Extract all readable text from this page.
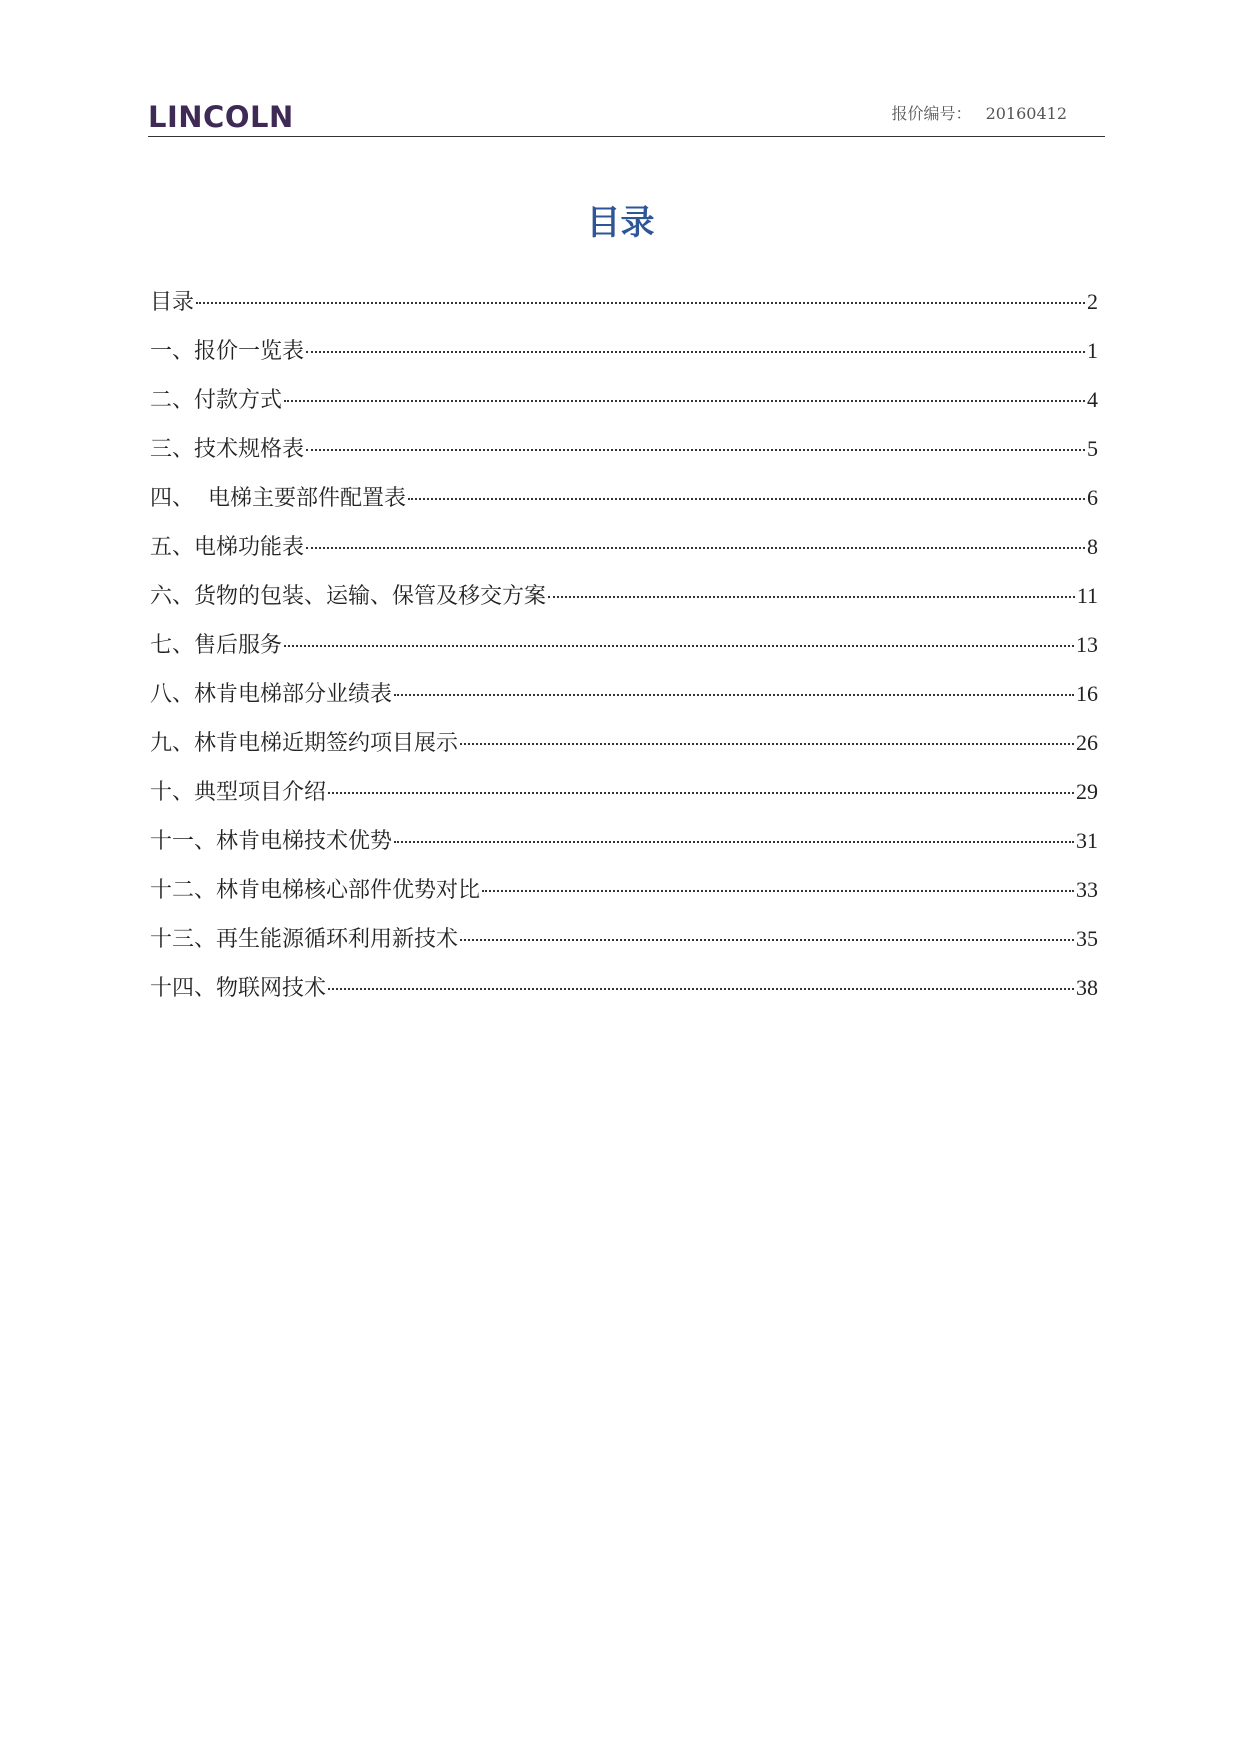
LINCOLN	报价编号： 20160412
目录
目录	2
一、报价一览表	1
二、付款方式	4
三、技术规格表	5
四、  电梯主要部件配置表	6
五、电梯功能表	8
六、货物的包装、运输、保管及移交方案	11
七、售后服务	13
八、林肯电梯部分业绩表	16
九、林肯电梯近期签约项目展示	26
十、典型项目介绍	29
十一、林肯电梯技术优势	31
十二、林肯电梯核心部件优势对比	33
十三、再生能源循环利用新技术	35
十四、物联网技术	38
